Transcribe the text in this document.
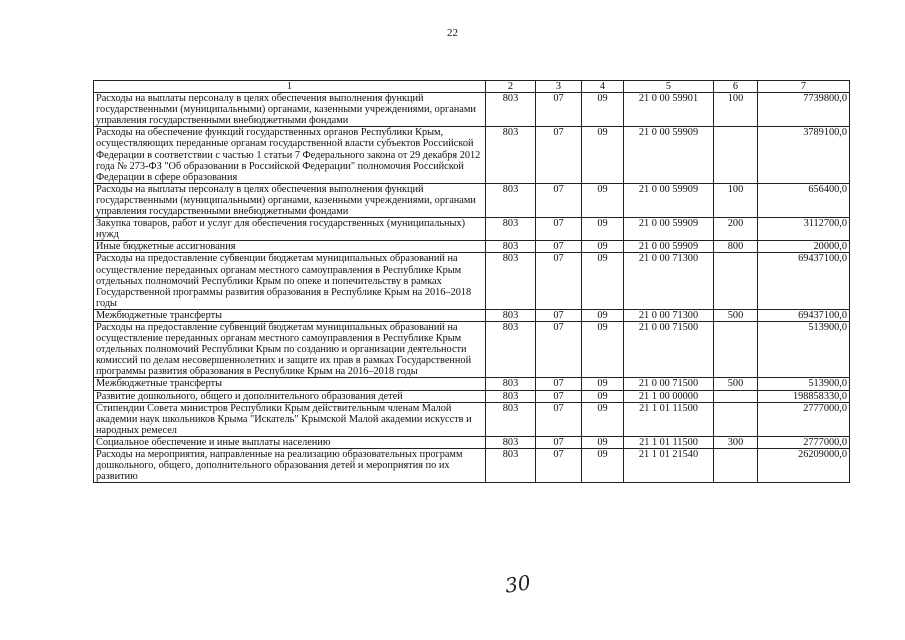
22
1	2	3	4	5	6	7
Расходы на выплаты персоналу в целях обеспечения выполнения функций государственными (муниципальными) органами, казенными учреждениями, органами управления государственными внебюджетными фондами	803	07	09	21 0 00 59901	100	7739800,0
Расходы на обеспечение функций государственных органов Республики Крым, осуществляющих переданные органам государственной власти субъектов Российской Федерации в соответствии с частью 1 статьи 7 Федерального закона от 29 декабря 2012 года № 273-ФЗ "Об образовании в Российской Федерации" полномочия Российской Федерации в сфере образования	803	07	09	21 0 00 59909		3789100,0
Расходы на выплаты персоналу в целях обеспечения выполнения функций государственными (муниципальными) органами, казенными учреждениями, органами управления государственными внебюджетными фондами	803	07	09	21 0 00 59909	100	656400,0
Закупка товаров, работ и услуг для обеспечения государственных (муниципальных) нужд	803	07	09	21 0 00 59909	200	3112700,0
Иные бюджетные ассигнования	803	07	09	21 0 00 59909	800	20000,0
Расходы на предоставление субвенции бюджетам муниципальных образований на осуществление переданных органам местного самоуправления в Республике Крым отдельных полномочий Республики Крым по опеке и попечительству в рамках Государственной программы развития образования в Республике Крым на 2016–2018 годы	803	07	09	21 0 00 71300		69437100,0
Межбюджетные трансферты	803	07	09	21 0 00 71300	500	69437100,0
Расходы на предоставление субвенций бюджетам муниципальных образований на осуществление переданных органам местного самоуправления в Республике Крым отдельных полномочий Республики Крым по созданию и организации деятельности комиссий по делам несовершеннолетних и защите их прав в рамках Государственной программы развития образования в Республике Крым на 2016–2018 годы	803	07	09	21 0 00 71500		513900,0
Межбюджетные трансферты	803	07	09	21 0 00 71500	500	513900,0
Развитие дошкольного, общего и дополнительного образования детей	803	07	09	21 1 00 00000		198858330,0
Стипендии Совета министров Республики Крым действительным членам Малой академии наук школьников Крыма "Искатель" Крымской Малой академии искусств и народных ремесел	803	07	09	21 1 01 11500		2777000,0
Социальное обеспечение и иные выплаты населению	803	07	09	21 1 01 11500	300	2777000,0
Расходы на мероприятия, направленные на реализацию образовательных программ дошкольного, общего, дополнительного образования детей и мероприятия по их развитию	803	07	09	21 1 01 21540		26209000,0
30
